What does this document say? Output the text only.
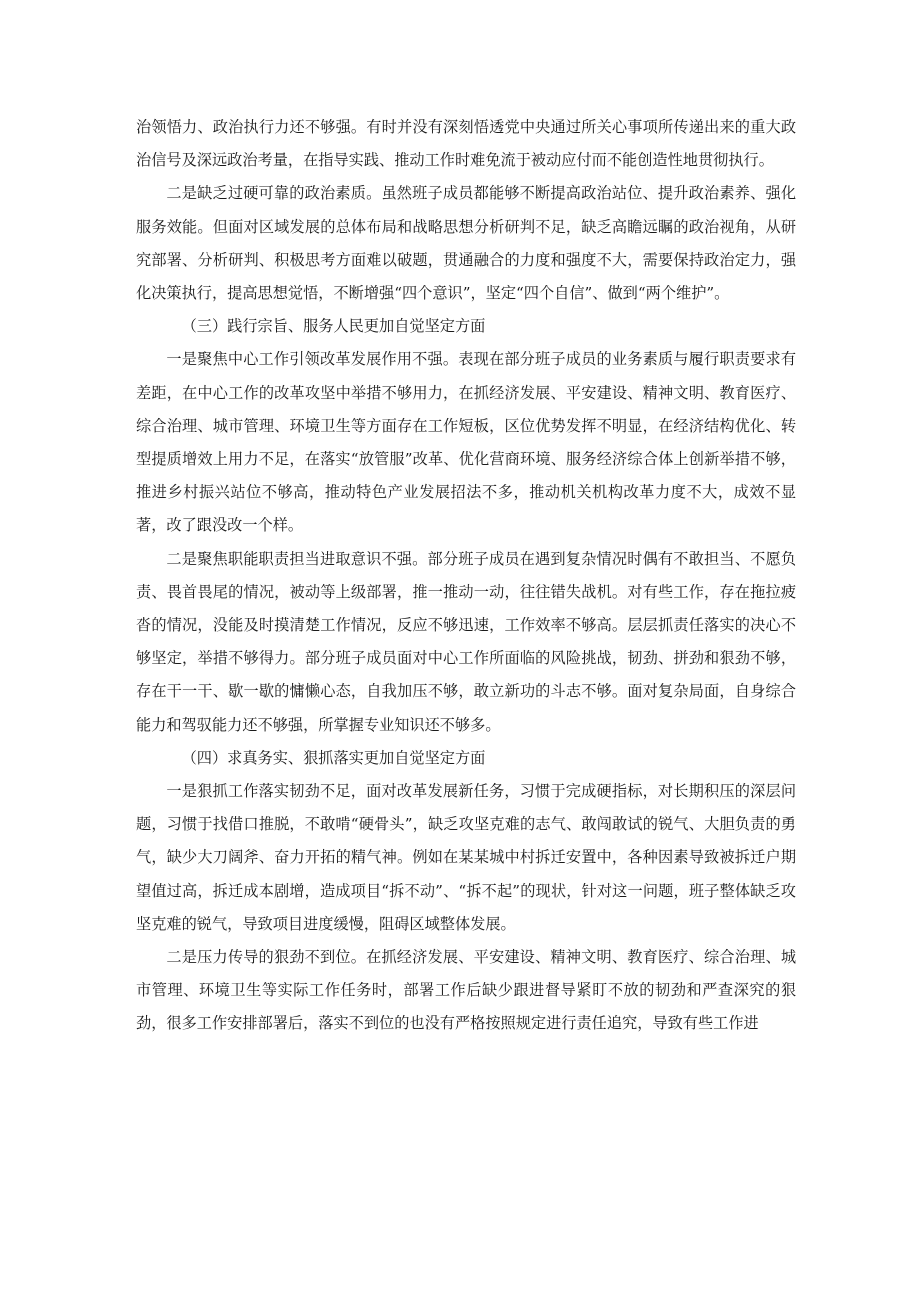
治领悟力、政治执行力还不够强。有时并没有深刻悟透党中央通过所关心事项所传递出来的重大政治信号及深远政治考量，在指导实践、推动工作时难免流于被动应付而不能创造性地贯彻执行。

二是缺乏过硬可靠的政治素质。虽然班子成员都能够不断提高政治站位、提升政治素养、强化服务效能。但面对区域发展的总体布局和战略思想分析研判不足，缺乏高瞻远瞩的政治视角，从研究部署、分析研判、积极思考方面难以破题，贯通融合的力度和强度不大，需要保持政治定力，强化决策执行，提高思想觉悟，不断增强“四个意识”，坚定“四个自信”、做到“两个维护”。

（三）践行宗旨、服务人民更加自觉坚定方面

一是聚焦中心工作引领改革发展作用不强。表现在部分班子成员的业务素质与履行职责要求有差距，在中心工作的改革攻坚中举措不够用力，在抓经济发展、平安建设、精神文明、教育医疗、综合治理、城市管理、环境卫生等方面存在工作短板，区位优势发挥不明显，在经济结构优化、转型提质增效上用力不足，在落实“放管服”改革、优化营商环境、服务经济综合体上创新举措不够，推进乡村振兴站位不够高，推动特色产业发展招法不多，推动机关机构改革力度不大，成效不显著，改了跟没改一个样。

二是聚焦职能职责担当进取意识不强。部分班子成员在遇到复杂情况时偶有不敢担当、不愿负责、畏首畏尾的情况，被动等上级部署，推一推动一动，往往错失战机。对有些工作，存在拖拉疲沓的情况，没能及时摸清楚工作情况，反应不够迅速，工作效率不够高。层层抓责任落实的决心不够坚定，举措不够得力。部分班子成员面对中心工作所面临的风险挑战，韧劲、拼劲和狠劲不够，存在干一干、歇一歇的慵懒心态，自我加压不够，敢立新功的斗志不够。面对复杂局面，自身综合能力和驾驭能力还不够强，所掌握专业知识还不够多。

（四）求真务实、狠抓落实更加自觉坚定方面

一是狠抓工作落实韧劲不足，面对改革发展新任务，习惯于完成硬指标，对长期积压的深层问题，习惯于找借口推脱，不敢啃“硬骨头”，缺乏攻坚克难的志气、敢闯敢试的锐气、大胆负责的勇气，缺少大刀阔斧、奋力开拓的精气神。例如在某某城中村拆迁安置中，各种因素导致被拆迁户期望值过高，拆迁成本剧增，造成项目“拆不动”、“拆不起”的现状，针对这一问题，班子整体缺乏攻坚克难的锐气，导致项目进度缓慢，阻碍区域整体发展。

二是压力传导的狠劲不到位。在抓经济发展、平安建设、精神文明、教育医疗、综合治理、城市管理、环境卫生等实际工作任务时，部署工作后缺少跟进督导紧盯不放的韧劲和严查深究的狠劲，很多工作安排部署后，落实不到位的也没有严格按照规定进行责任追究，导致有些工作进
